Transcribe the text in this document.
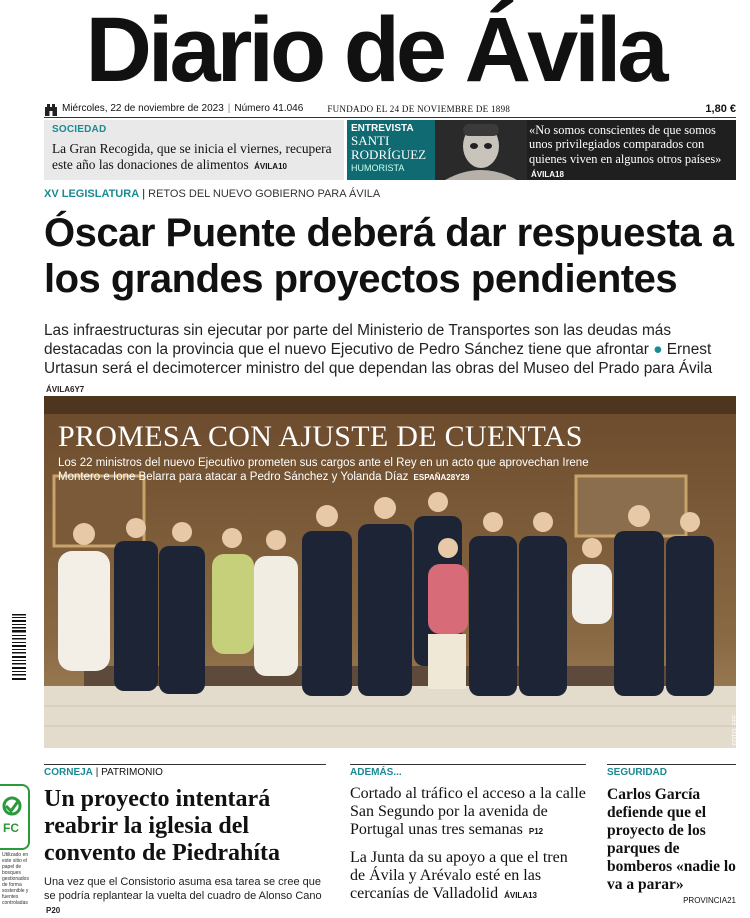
Diario de Ávila
Miércoles, 22 de noviembre de 2023 | Número 41.046	FUNDADO EL 24 DE NOVIEMBRE DE 1898	1,80 €
SOCIEDAD
La Gran Recogida, que se inicia el viernes, recupera este año las donaciones de alimentos ÁVILA10
ENTREVISTA
SANTI RODRÍGUEZ
HUMORISTA
«No somos conscientes de que somos unos privilegiados comparados con quienes viven en algunos otros países» ÁVILA18
XV LEGISLATURA | RETOS DEL NUEVO GOBIERNO PARA ÁVILA
Óscar Puente deberá dar respuesta a los grandes proyectos pendientes
Las infraestructuras sin ejecutar por parte del Ministerio de Transportes son las deudas más destacadas con la provincia que el nuevo Ejecutivo de Pedro Sánchez tiene que afrontar ● Ernest Urtasun será el decimotercer ministro del que dependan las obras del Museo del Prado para Ávila ÁVILA6Y7
PROMESA CON AJUSTE DE CUENTAS
Los 22 ministros del nuevo Ejecutivo prometen sus cargos ante el Rey en un acto que aprovechan Irene Montero e Ione Belarra para atacar a Pedro Sánchez y Yolanda Díaz ESPAÑA28Y29
FOTO: EFE
FC
Utilizado en este sitio el papel de bosques gestionados de forma sostenible y fuentes controladas
CORNEJA | PATRIMONIO
Un proyecto intentará reabrir la iglesia del convento de Piedrahíta
Una vez que el Consistorio asuma esa tarea se cree que se podría replantear la vuelta del cuadro de Alonso Cano P20
ADEMÁS...
Cortado al tráfico el acceso a la calle San Segundo por la avenida de Portugal unas tres semanas P12
La Junta da su apoyo a que el tren de Ávila y Arévalo esté en las cercanías de Valladolid ÁVILA13
SEGURIDAD
Carlos García defiende que el proyecto de los parques de bomberos «nadie lo va a parar»
PROVINCIA21
